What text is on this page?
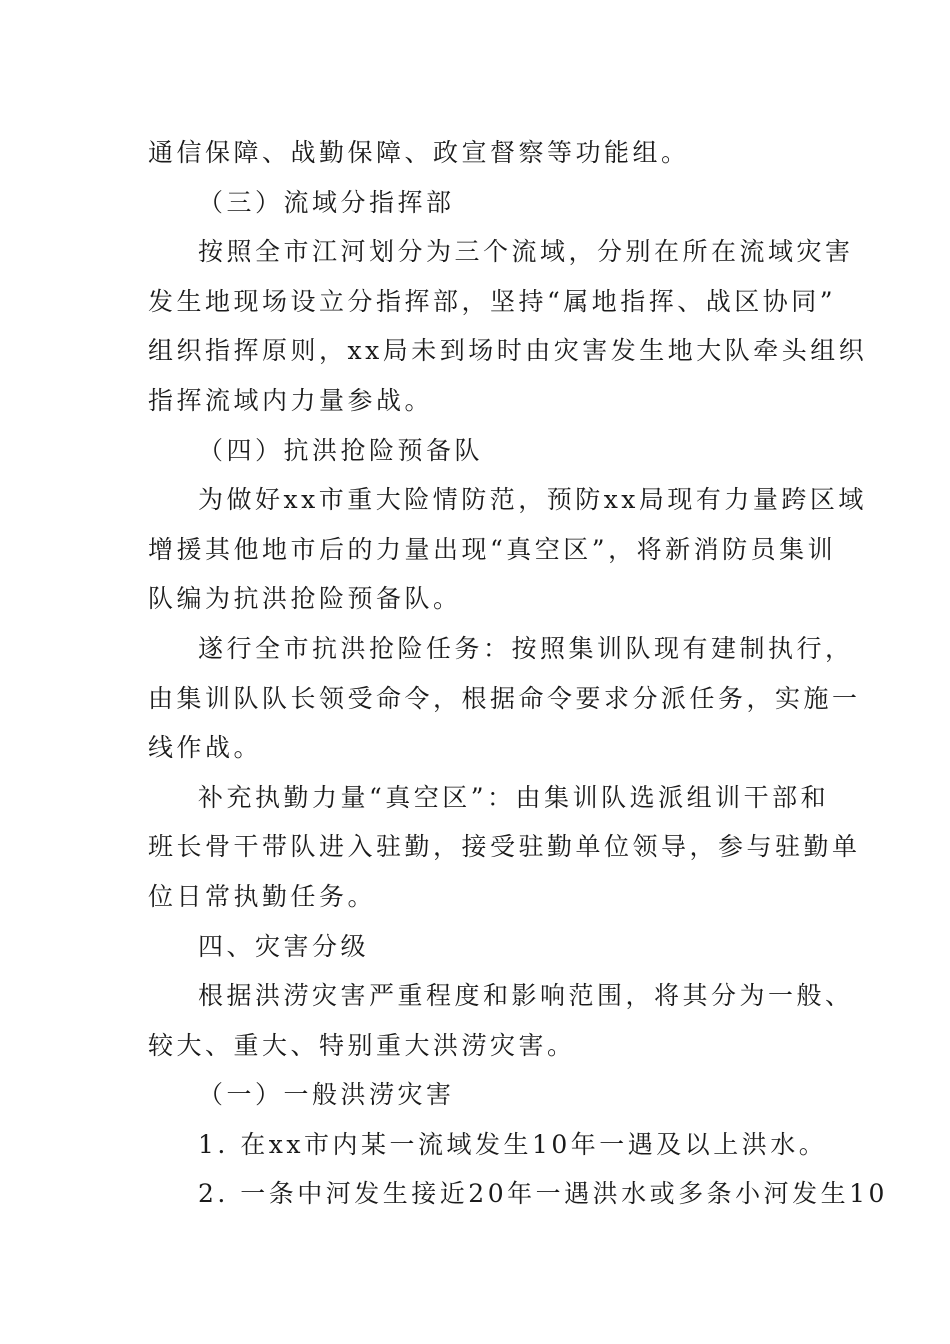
通信保障、战勤保障、政宣督察等功能组。
（三）流域分指挥部
按照全市江河划分为三个流域，分别在所在流域灾害
发生地现场设立分指挥部，坚持“属地指挥、战区协同”
组织指挥原则，xx局未到场时由灾害发生地大队牵头组织
指挥流域内力量参战。
（四）抗洪抢险预备队
为做好xx市重大险情防范，预防xx局现有力量跨区域
增援其他地市后的力量出现“真空区”，将新消防员集训
队编为抗洪抢险预备队。
遂行全市抗洪抢险任务：按照集训队现有建制执行，
由集训队队长领受命令，根据命令要求分派任务，实施一
线作战。
补充执勤力量“真空区”：由集训队选派组训干部和
班长骨干带队进入驻勤，接受驻勤单位领导，参与驻勤单
位日常执勤任务。
四、灾害分级
根据洪涝灾害严重程度和影响范围，将其分为一般、
较大、重大、特别重大洪涝灾害。
（一）一般洪涝灾害
1. 在xx市内某一流域发生10年一遇及以上洪水。
2. 一条中河发生接近20年一遇洪水或多条小河发生10
